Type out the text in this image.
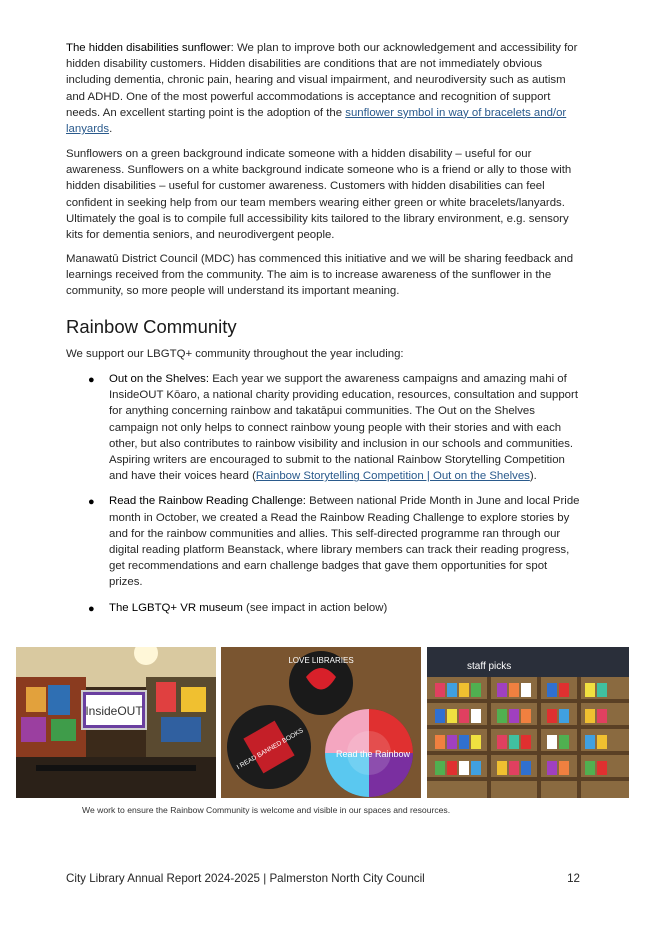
The hidden disabilities sunflower: We plan to improve both our acknowledgement and accessibility for hidden disability customers. Hidden disabilities are conditions that are not immediately obvious including dementia, chronic pain, hearing and visual impairment, and neurodiversity such as autism and ADHD. One of the most powerful accommodations is acceptance and recognition of support needs. An excellent starting point is the adoption of the sunflower symbol in way of bracelets and/or lanyards.

Sunflowers on a green background indicate someone with a hidden disability – useful for our awareness. Sunflowers on a white background indicate someone who is a friend or ally to those with hidden disabilities – useful for customer awareness. Customers with hidden disabilities can feel confident in seeking help from our team members wearing either green or white bracelets/lanyards. Ultimately the goal is to compile full accessibility kits tailored to the library environment, e.g. sensory kits for dementia seniors, and neurodivergent people.

Manawatū District Council (MDC) has commenced this initiative and we will be sharing feedback and learnings received from the community. The aim is to increase awareness of the sunflower in the community, so more people will understand its important meaning.

Rainbow Community

We support our LBGTQ+ community throughout the year including:

● Out on the Shelves: Each year we support the awareness campaigns and amazing mahi of InsideOUT Kōaro, a national charity providing education, resources, consultation and support for anything concerning rainbow and takatāpui communities. The Out on the Shelves campaign not only helps to connect rainbow young people with their stories and with each other, but also contributes to rainbow visibility and inclusion in our schools and communities. Aspiring writers are encouraged to submit to the national Rainbow Storytelling Competition and have their voices heard (Rainbow Storytelling Competition | Out on the Shelves).
● Read the Rainbow Reading Challenge: Between national Pride Month in June and local Pride month in October, we created a Read the Rainbow Reading Challenge to explore stories by and for the rainbow communities and allies. This self-directed programme ran through our digital reading platform Beanstack, where library members can track their reading progress, get recommendations and earn challenge badges that gave them opportunities for spot prizes.
● The LGBTQ+ VR museum (see impact in action below)
InsideOUT
LOVE LIBRARIES
I READ BANNED BOOKS	Read the Rainbow
staff picks
We work to ensure the Rainbow Community is welcome and visible in our spaces and resources.
City Library Annual Report 2024-2025 | Palmerston North City Council	12
